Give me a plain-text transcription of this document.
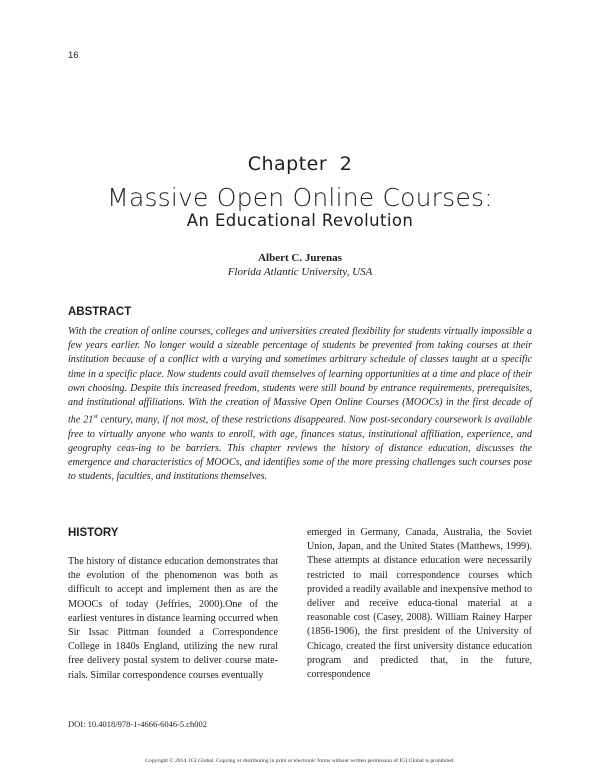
16
Chapter 2
Massive Open Online Courses:
An Educational Revolution
Albert C. Jurenas
Florida Atlantic University, USA
ABSTRACT
With the creation of online courses, colleges and universities created flexibility for students virtually impossible a few years earlier. No longer would a sizeable percentage of students be prevented from taking courses at their institution because of a conflict with a varying and sometimes arbitrary schedule of classes taught at a specific time in a specific place. Now students could avail themselves of learning opportunities at a time and place of their own choosing. Despite this increased freedom, students were still bound by entrance requirements, prerequisites, and institutional affiliations. With the creation of Massive Open Online Courses (MOOCs) in the first decade of the 21st century, many, if not most, of these restrictions disappeared. Now post-secondary coursework is available free to virtually anyone who wants to enroll, with age, finances status, institutional affiliation, experience, and geography ceas-ing to be barriers. This chapter reviews the history of distance education, discusses the emergence and characteristics of MOOCs, and identifies some of the more pressing challenges such courses pose to students, faculties, and institutions themselves.
HISTORY
The history of distance education demonstrates that the evolution of the phenomenon was both as difficult to accept and implement then as are the MOOCs of today (Jeffries, 2000).One of the earliest ventures in distance learning occurred when Sir Issac Pittman founded a Correspondence College in 1840s England, utilizing the new rural free delivery postal system to deliver course mate-rials. Similar correspondence courses eventually
emerged in Germany, Canada, Australia, the Soviet Union, Japan, and the United States (Matthews, 1999). These attempts at distance education were necessarily restricted to mail correspondence courses which provided a readily available and inexpensive method to deliver and receive educa-tional material at a reasonable cost (Casey, 2008). William Rainey Harper (1856-1906), the first president of the University of Chicago, created the first university distance education program and predicted that, in the future, correspondence
DOI: 10.4018/978-1-4666-6046-5.ch002
Copyright © 2014, IGI Global. Copying or distributing in print or electronic forms without written permission of IGI Global is prohibited.
